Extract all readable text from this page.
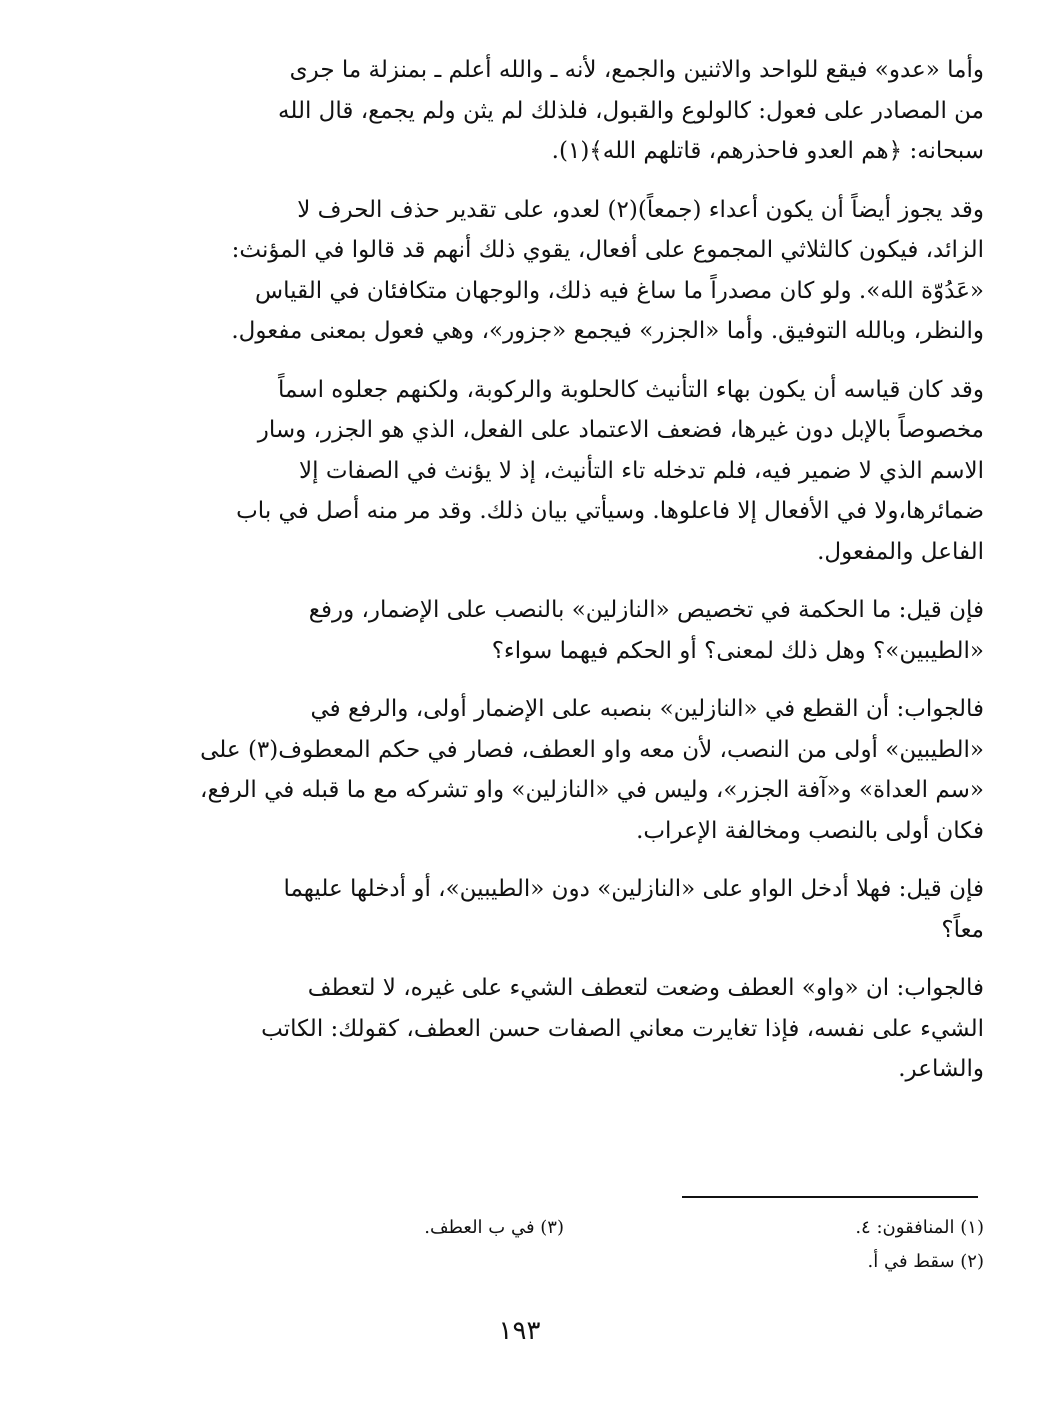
وأما «عدو» فيقع للواحد والاثنين والجمع، لأنه ـ والله أعلم ـ بمنزلة ما جرى
من المصادر على فعول: كالولوع والقبول، فلذلك لم يثن ولم يجمع، قال الله
سبحانه: ﴿هم العدو فاحذرهم، قاتلهم الله﴾(١).
وقد يجوز أيضاً أن يكون أعداء (جمعاً)(٢) لعدو، على تقدير حذف الحرف لا
الزائد، فيكون كالثلاثي المجموع على أفعال، يقوي ذلك أنهم قد قالوا في المؤنث:
«عَدُوّة الله». ولو كان مصدراً ما ساغ فيه ذلك، والوجهان متكافئان في القياس
والنظر، وبالله التوفيق. وأما «الجزر» فيجمع «جزور»، وهي فعول بمعنى مفعول.
وقد كان قياسه أن يكون بهاء التأنيث كالحلوبة والركوبة، ولكنهم جعلوه اسماً
مخصوصاً بالإبل دون غيرها، فضعف الاعتماد على الفعل، الذي هو الجزر، وسار
الاسم الذي لا ضمير فيه، فلم تدخله تاء التأنيث، إذ لا يؤنث في الصفات إلا
ضمائرها،ولا في الأفعال إلا فاعلوها. وسيأتي بيان ذلك. وقد مر منه أصل في باب
الفاعل والمفعول.
فإن قيل: ما الحكمة في تخصيص «النازلين» بالنصب على الإضمار، ورفع
«الطيبين»؟ وهل ذلك لمعنى؟ أو الحكم فيهما سواء؟
فالجواب: أن القطع في «النازلين» بنصبه على الإضمار أولى، والرفع في
«الطيبين» أولى من النصب، لأن معه واو العطف، فصار في حكم المعطوف(٣) على
«سم العداة» و«آفة الجزر»، وليس في «النازلين» واو تشركه مع ما قبله في الرفع،
فكان أولى بالنصب ومخالفة الإعراب.
فإن قيل: فهلا أدخل الواو على «النازلين» دون «الطيبين»، أو أدخلها عليهما
معاً؟
فالجواب: ان «واو» العطف وضعت لتعطف الشيء على غيره، لا لتعطف
الشيء على نفسه، فإذا تغايرت معاني الصفات حسن العطف، كقولك: الكاتب
والشاعر.
(١) المنافقون: ٤.
(٣) في ب العطف.
(٢) سقط في أ.
١٩٣
